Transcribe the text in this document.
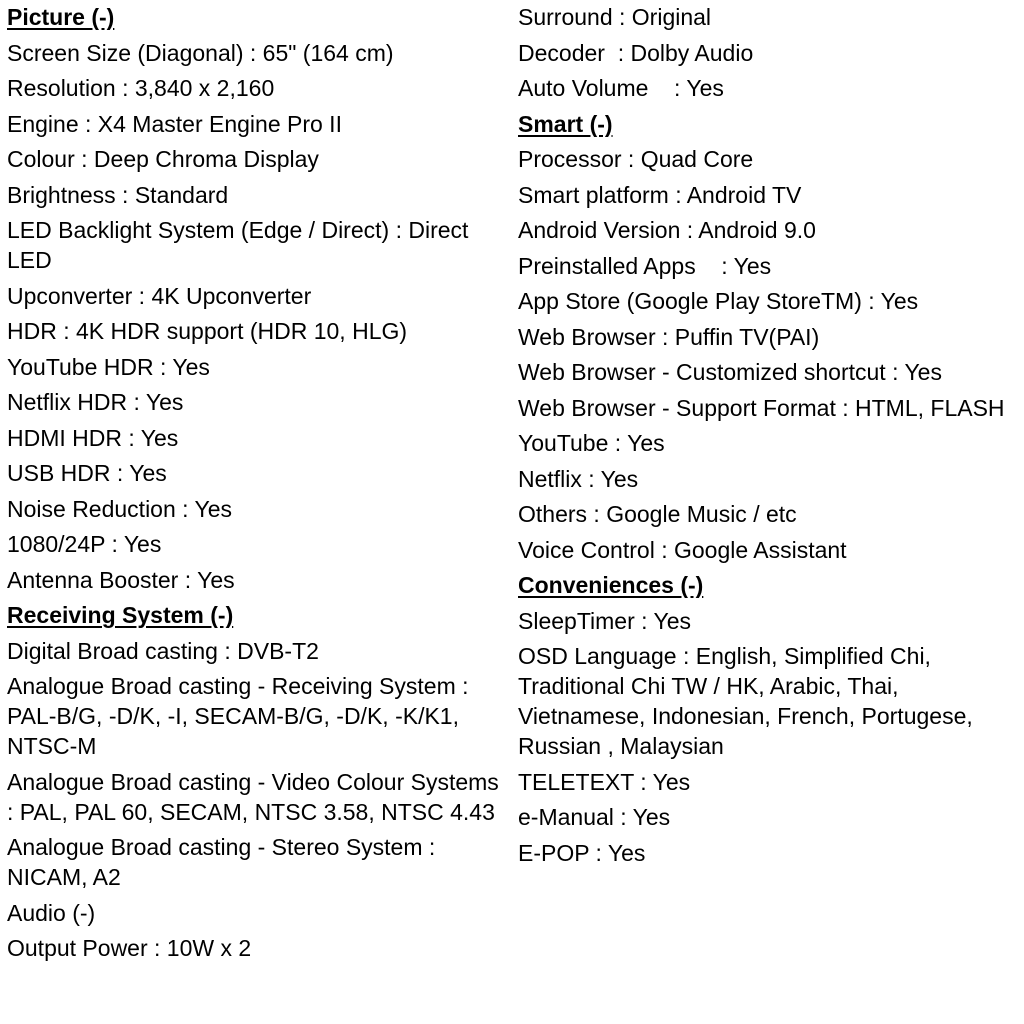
Picture (-)

Screen Size (Diagonal) : 65" (164 cm)

Resolution : 3,840 x 2,160

Engine : X4 Master Engine Pro II

Colour : Deep Chroma Display

Brightness : Standard

LED Backlight System (Edge / Direct) : Direct LED

Upconverter : 4K Upconverter

HDR : 4K HDR support (HDR 10, HLG)

YouTube HDR : Yes

Netflix HDR : Yes

HDMI HDR : Yes

USB HDR : Yes

Noise Reduction : Yes

1080/24P : Yes

Antenna Booster : Yes

Receiving System (-)

Digital Broad casting : DVB-T2

Analogue Broad casting - Receiving System : PAL-B/G, -D/K, -I, SECAM-B/G, -D/K, -K/K1, NTSC-M

Analogue Broad casting - Video Colour Systems : PAL, PAL 60, SECAM, NTSC 3.58, NTSC 4.43

Analogue Broad casting - Stereo System : NICAM, A2

Audio (-)

Output Power : 10W x 2

Surround : Original

Decoder  : Dolby Audio

Auto Volume    : Yes

Smart (-)

Processor : Quad Core

Smart platform : Android TV

Android Version : Android 9.0

Preinstalled Apps    : Yes

App Store (Google Play StoreTM) : Yes

Web Browser : Puffin TV(PAI)

Web Browser - Customized shortcut : Yes

Web Browser - Support Format : HTML, FLASH

YouTube : Yes

Netflix : Yes

Others : Google Music / etc

Voice Control : Google Assistant

Conveniences (-)

SleepTimer : Yes

OSD Language : English, Simplified Chi, Traditional Chi TW / HK, Arabic, Thai, Vietnamese, Indonesian, French, Portugese, Russian , Malaysian

TELETEXT : Yes

e-Manual : Yes

E-POP : Yes
